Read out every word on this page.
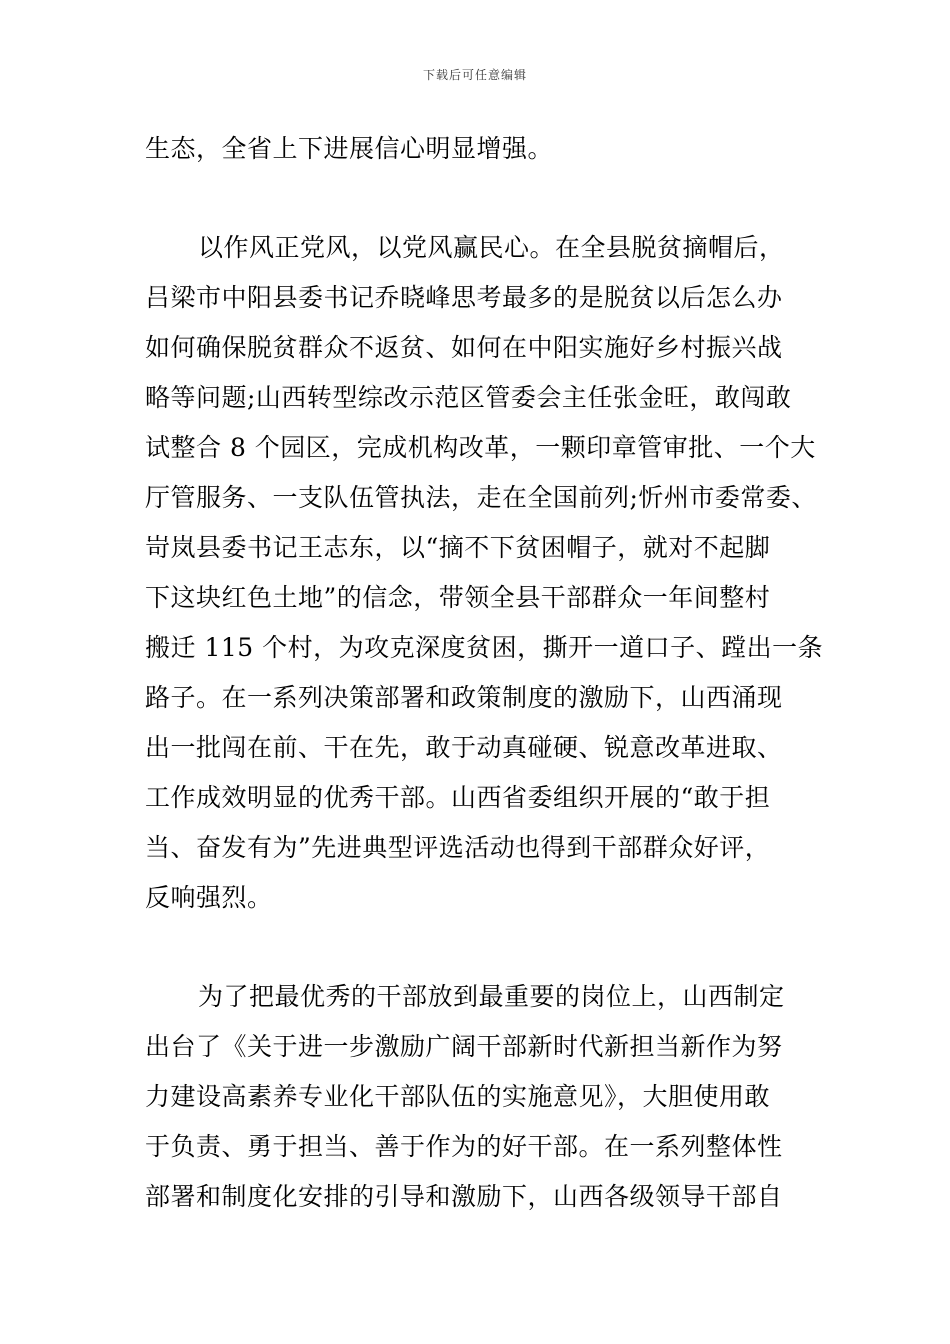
下载后可任意编辑
生态，全省上下进展信心明显增强。
以作风正党风，以党风赢民心。在全县脱贫摘帽后，
吕梁市中阳县委书记乔晓峰思考最多的是脱贫以后怎么办
如何确保脱贫群众不返贫、如何在中阳实施好乡村振兴战
略等问题;山西转型综改示范区管委会主任张金旺，敢闯敢
试整合 8 个园区，完成机构改革，一颗印章管审批、一个大
厅管服务、一支队伍管执法，走在全国前列;忻州市委常委、
岢岚县委书记王志东，以“摘不下贫困帽子，就对不起脚
下这块红色土地”的信念，带领全县干部群众一年间整村
搬迁 115 个村，为攻克深度贫困，撕开一道口子、蹚出一条
路子。在一系列决策部署和政策制度的激励下，山西涌现
出一批闯在前、干在先，敢于动真碰硬、锐意改革进取、
工作成效明显的优秀干部。山西省委组织开展的“敢于担
当、奋发有为”先进典型评选活动也得到干部群众好评，
反响强烈。
为了把最优秀的干部放到最重要的岗位上，山西制定
出台了《关于进一步激励广阔干部新时代新担当新作为努
力建设高素养专业化干部队伍的实施意见》，大胆使用敢
于负责、勇于担当、善于作为的好干部。在一系列整体性
部署和制度化安排的引导和激励下，山西各级领导干部自
